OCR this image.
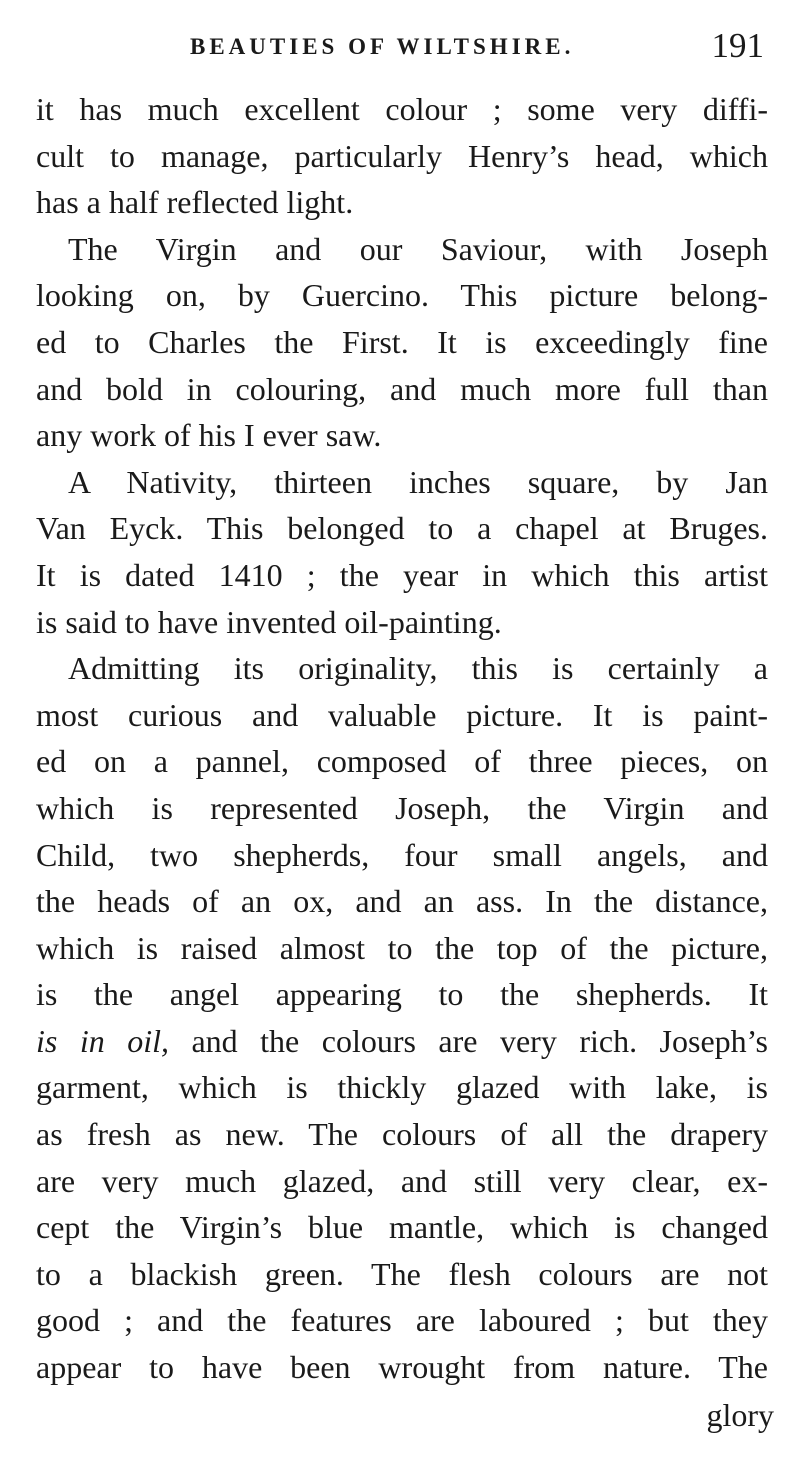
BEAUTIES OF WILTSHIRE.	191
it has much excellent colour ; some very diffi-
cult to manage, particularly Henry’s head, which
has a half reflected light.
The Virgin and our Saviour, with Joseph
looking on, by Guercino. This picture belong-
ed to Charles the First. It is exceedingly fine
and bold in colouring, and much more full than
any work of his I ever saw.
A Nativity, thirteen inches square, by Jan
Van Eyck. This belonged to a chapel at Bruges.
It is dated 1410 ; the year in which this artist
is said to have invented oil-painting.
Admitting its originality, this is certainly a
most curious and valuable picture. It is paint-
ed on a pannel, composed of three pieces, on
which is represented Joseph, the Virgin and
Child, two shepherds, four small angels, and
the heads of an ox, and an ass. In the distance,
which is raised almost to the top of the picture,
is the angel appearing to the shepherds. It
is in oil, and the colours are very rich. Joseph’s
garment, which is thickly glazed with lake, is
as fresh as new. The colours of all the drapery
are very much glazed, and still very clear, ex-
cept the Virgin’s blue mantle, which is changed
to a blackish green. The flesh colours are not
good ; and the features are laboured ; but they
appear to have been wrought from nature. The
glory
